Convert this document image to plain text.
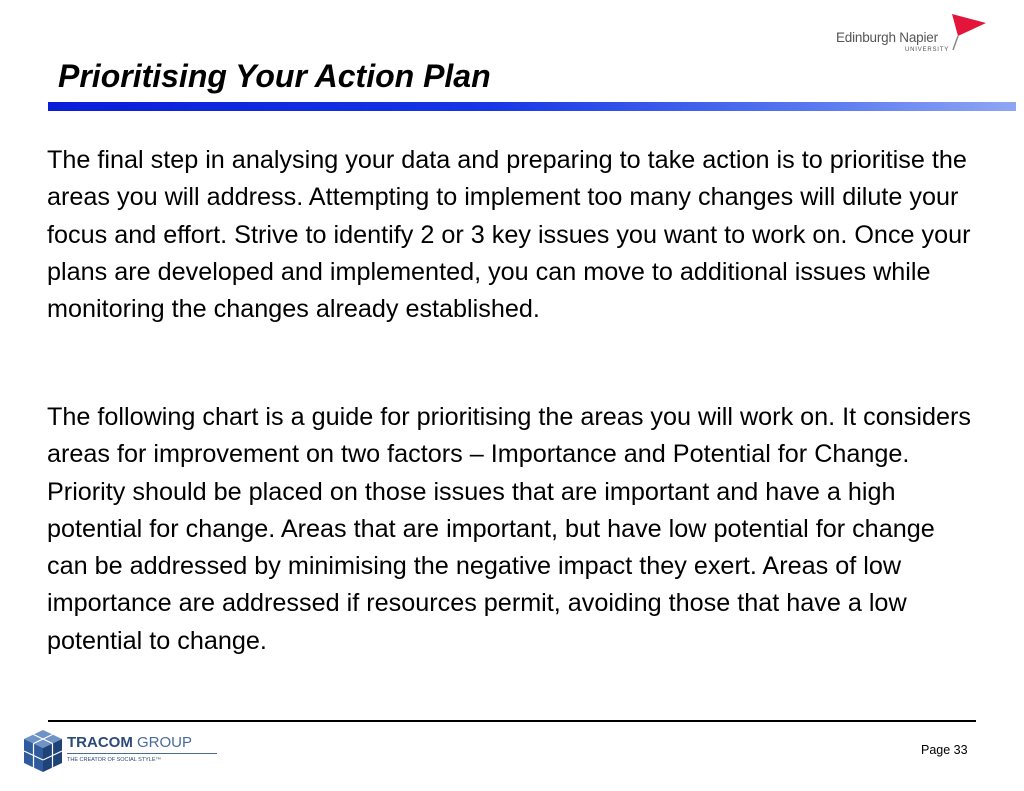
Edinburgh Napier
UNIVERSITY
Prioritising Your Action Plan

The final step in analysing your data and preparing to take action is to prioritise the areas you will address. Attempting to implement too many changes will dilute your focus and effort. Strive to identify 2 or 3 key issues you want to work on. Once your plans are developed and implemented, you can move to additional issues while monitoring the changes already established.

The following chart is a guide for prioritising the areas you will work on. It considers areas for improvement on two factors – Importance and Potential for Change. Priority should be placed on those issues that are important and have a high potential for change. Areas that are important, but have low potential for change can be addressed by minimising the negative impact they exert. Areas of low importance are addressed if resources permit, avoiding those that have a low potential to change.

TRACOM GROUP
THE CREATOR OF SOCIAL STYLE™
Page 33
